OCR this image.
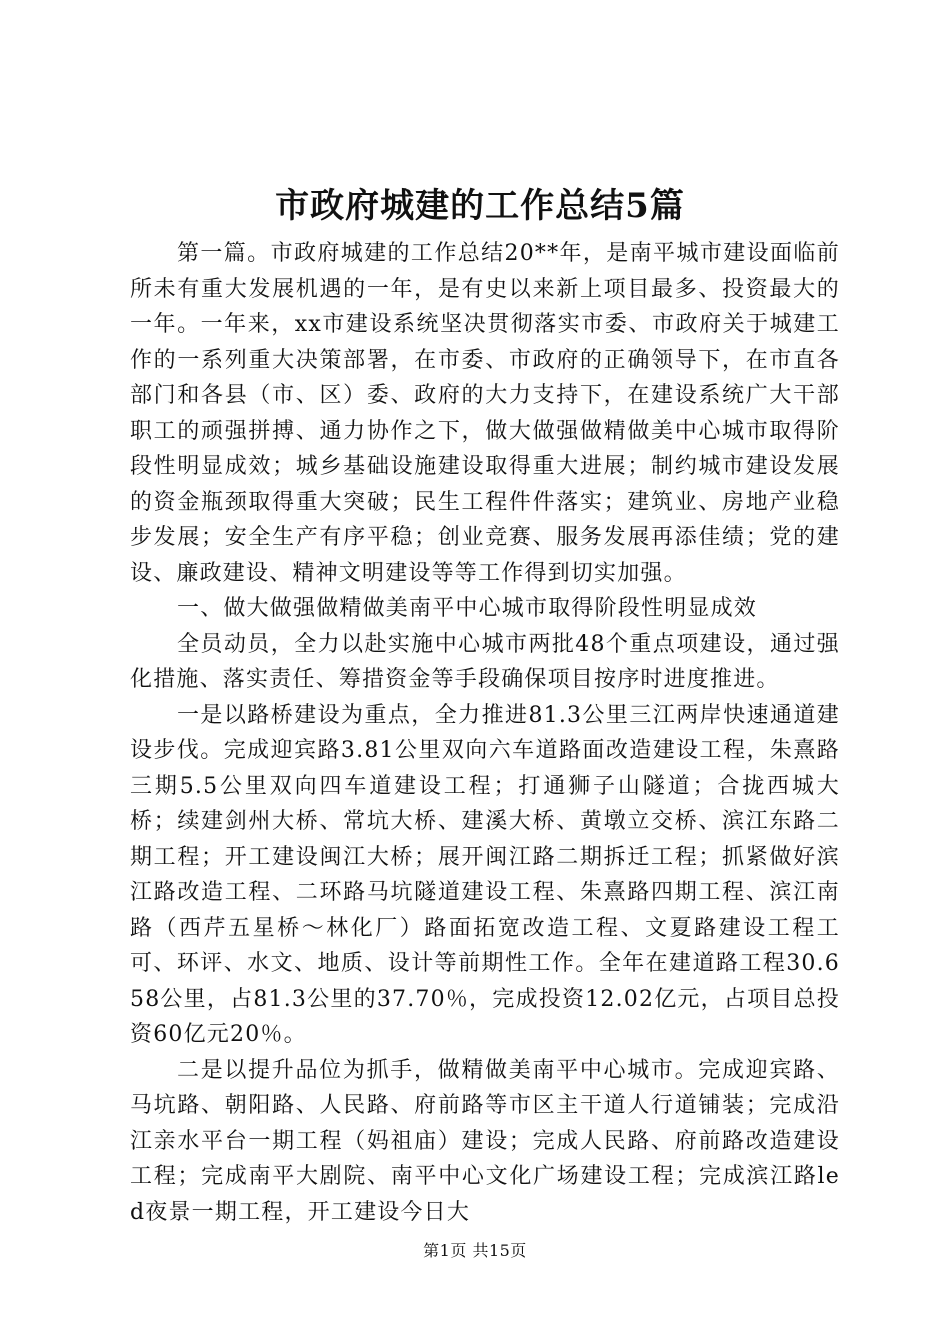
市政府城建的工作总结5篇

第一篇。市政府城建的工作总结20**年，是南平城市建设面临前所未有重大发展机遇的一年，是有史以来新上项目最多、投资最大的一年。一年来，xx市建设系统坚决贯彻落实市委、市政府关于城建工作的一系列重大决策部署，在市委、市政府的正确领导下，在市直各部门和各县（市、区）委、政府的大力支持下，在建设系统广大干部职工的顽强拼搏、通力协作之下，做大做强做精做美中心城市取得阶段性明显成效；城乡基础设施建设取得重大进展；制约城市建设发展的资金瓶颈取得重大突破；民生工程件件落实；建筑业、房地产业稳步发展；安全生产有序平稳；创业竞赛、服务发展再添佳绩；党的建设、廉政建设、精神文明建设等等工作得到切实加强。

一、做大做强做精做美南平中心城市取得阶段性明显成效

全员动员，全力以赴实施中心城市两批48个重点项建设，通过强化措施、落实责任、筹措资金等手段确保项目按序时进度推进。

一是以路桥建设为重点，全力推进81.3公里三江两岸快速通道建设步伐。完成迎宾路3.81公里双向六车道路面改造建设工程，朱熹路三期5.5公里双向四车道建设工程；打通狮子山隧道；合拢西城大桥；续建剑州大桥、常坑大桥、建溪大桥、黄墩立交桥、滨江东路二期工程；开工建设闽江大桥；展开闽江路二期拆迁工程；抓紧做好滨江路改造工程、二环路马坑隧道建设工程、朱熹路四期工程、滨江南路（西芹五星桥～林化厂）路面拓宽改造工程、文夏路建设工程工可、环评、水文、地质、设计等前期性工作。全年在建道路工程30.658公里，占81.3公里的37.70％，完成投资12.02亿元，占项目总投资60亿元20％。

二是以提升品位为抓手，做精做美南平中心城市。完成迎宾路、马坑路、朝阳路、人民路、府前路等市区主干道人行道铺装；完成沿江亲水平台一期工程（妈祖庙）建设；完成人民路、府前路改造建设工程；完成南平大剧院、南平中心文化广场建设工程；完成滨江路led夜景一期工程，开工建设今日大

第1页 共15页
